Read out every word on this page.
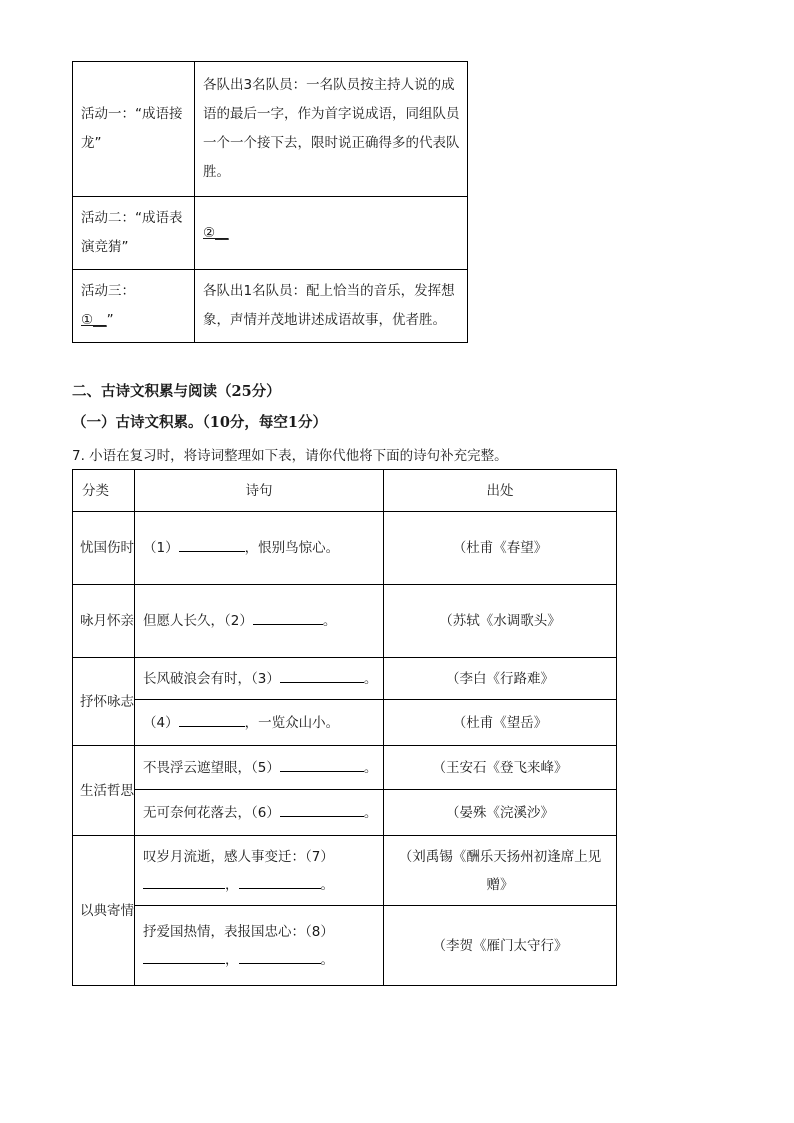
活动一：“成语接龙”	各队出3名队员：一名队员按主持人说的成语的最后一字，作为首字说成语，同组队员一个一个接下去，限时说正确得多的代表队胜。
活动二：“成语表演竞猜”	②__
活动三：
①__”	各队出1名队员：配上恰当的音乐，发挥想象，声情并茂地讲述成语故事，优者胜。
二、古诗文积累与阅读（25分）
（一）古诗文积累。（10分，每空1分）
7. 小语在复习时，将诗词整理如下表，请你代他将下面的诗句补充完整。
分类	诗句	出处
忧国伤时	（1） ，恨别鸟惊心。	（杜甫《春望》
咏月怀亲	但愿人长久，（2） 。	（苏轼《水调歌头》
抒怀咏志	长风破浪会有时，（3） 。	（李白《行路难》
	（4） ，一览众山小。	（杜甫《望岳》
生活哲思	不畏浮云遮望眼，（5） 。	（王安石《登飞来峰》
	无可奈何花落去，（6） 。	（晏殊《浣溪沙》
以典寄情	叹岁月流逝，感人事变迁：（7）
， 。	（刘禹锡《酬乐天扬州初逢席上见赠》
	抒爱国热情，表报国忠心：（8）
， 。	（李贺《雁门太守行》
